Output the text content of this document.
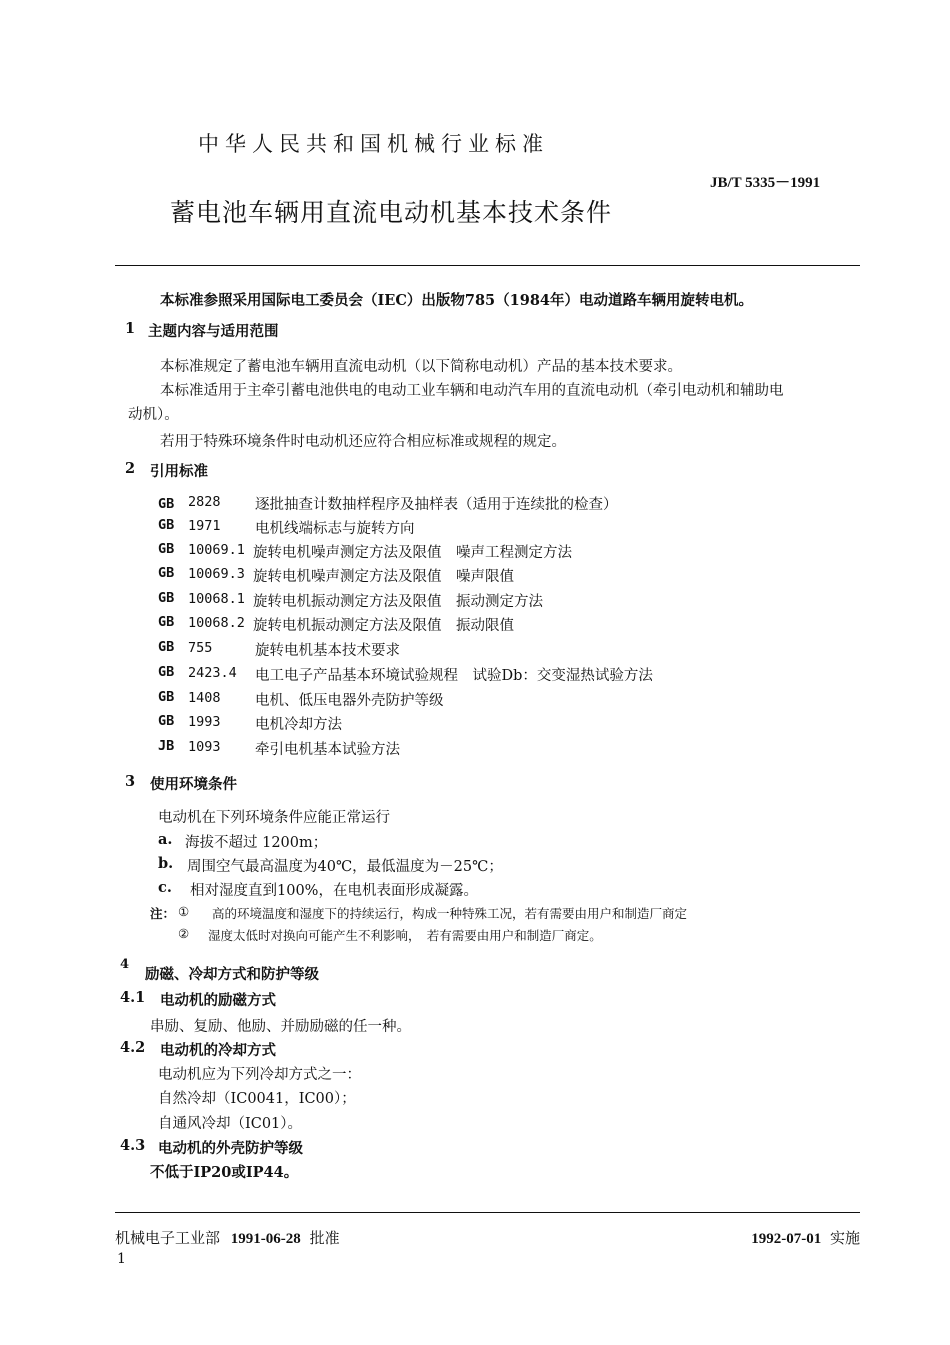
中华人民共和国机械行业标准
JB/T 5335－1991
蓄电池车辆用直流电动机基本技术条件
本标准参照采用国际电工委员会（IEC）出版物785（1984年）电动道路车辆用旋转电机。
1 主题内容与适用范围
本标准规定了蓄电池车辆用直流电动机（以下简称电动机）产品的基本技术要求。
本标准适用于主牵引蓄电池供电的电动工业车辆和电动汽车用的直流电动机（牵引电动机和辅助电
动机）。
若用于特殊环境条件时电动机还应符合相应标准或规程的规定。
2 引用标准
GB 2828 逐批抽查计数抽样程序及抽样表（适用于连续批的检查）
GB 1971 电机线端标志与旋转方向
GB 10069.1 旋转电机噪声测定方法及限值　噪声工程测定方法
GB 10069.3 旋转电机噪声测定方法及限值　噪声限值
GB 10068.1 旋转电机振动测定方法及限值　振动测定方法
GB 10068.2 旋转电机振动测定方法及限值　振动限值
GB 755	旋转电机基本技术要求
GB 2423.4 电工电子产品基本环境试验规程　试验Db：交变湿热试验方法
GB 1408 电机、低压电器外壳防护等级
GB 1993 电机冷却方法
JB 1093 牵引电机基本试验方法
3 使用环境条件
电动机在下列环境条件应能正常运行
a. 海拔不超过 1200m；
b. 周围空气最高温度为40℃，最低温度为－25℃；
c. 相对湿度直到100%，在电机表面形成凝露。
注： ① 高的环境温度和湿度下的持续运行，构成一种特殊工况，若有需要由用户和制造厂商定
② 湿度太低时对换向可能产生不利影响，　若有需要由用户和制造厂商定。
4
励磁、冷却方式和防护等级
4.1 电动机的励磁方式
串励、复励、他励、并励励磁的任一种。
4.2 电动机的冷却方式
电动机应为下列冷却方式之一：
自然冷却（IC0041，IC00）；
自通风冷却（IC01）。
4.3 电动机的外壳防护等级
不低于IP20或IP44。
机械电子工业部 1991-06-28 批准	1992-07-01 实施
1
